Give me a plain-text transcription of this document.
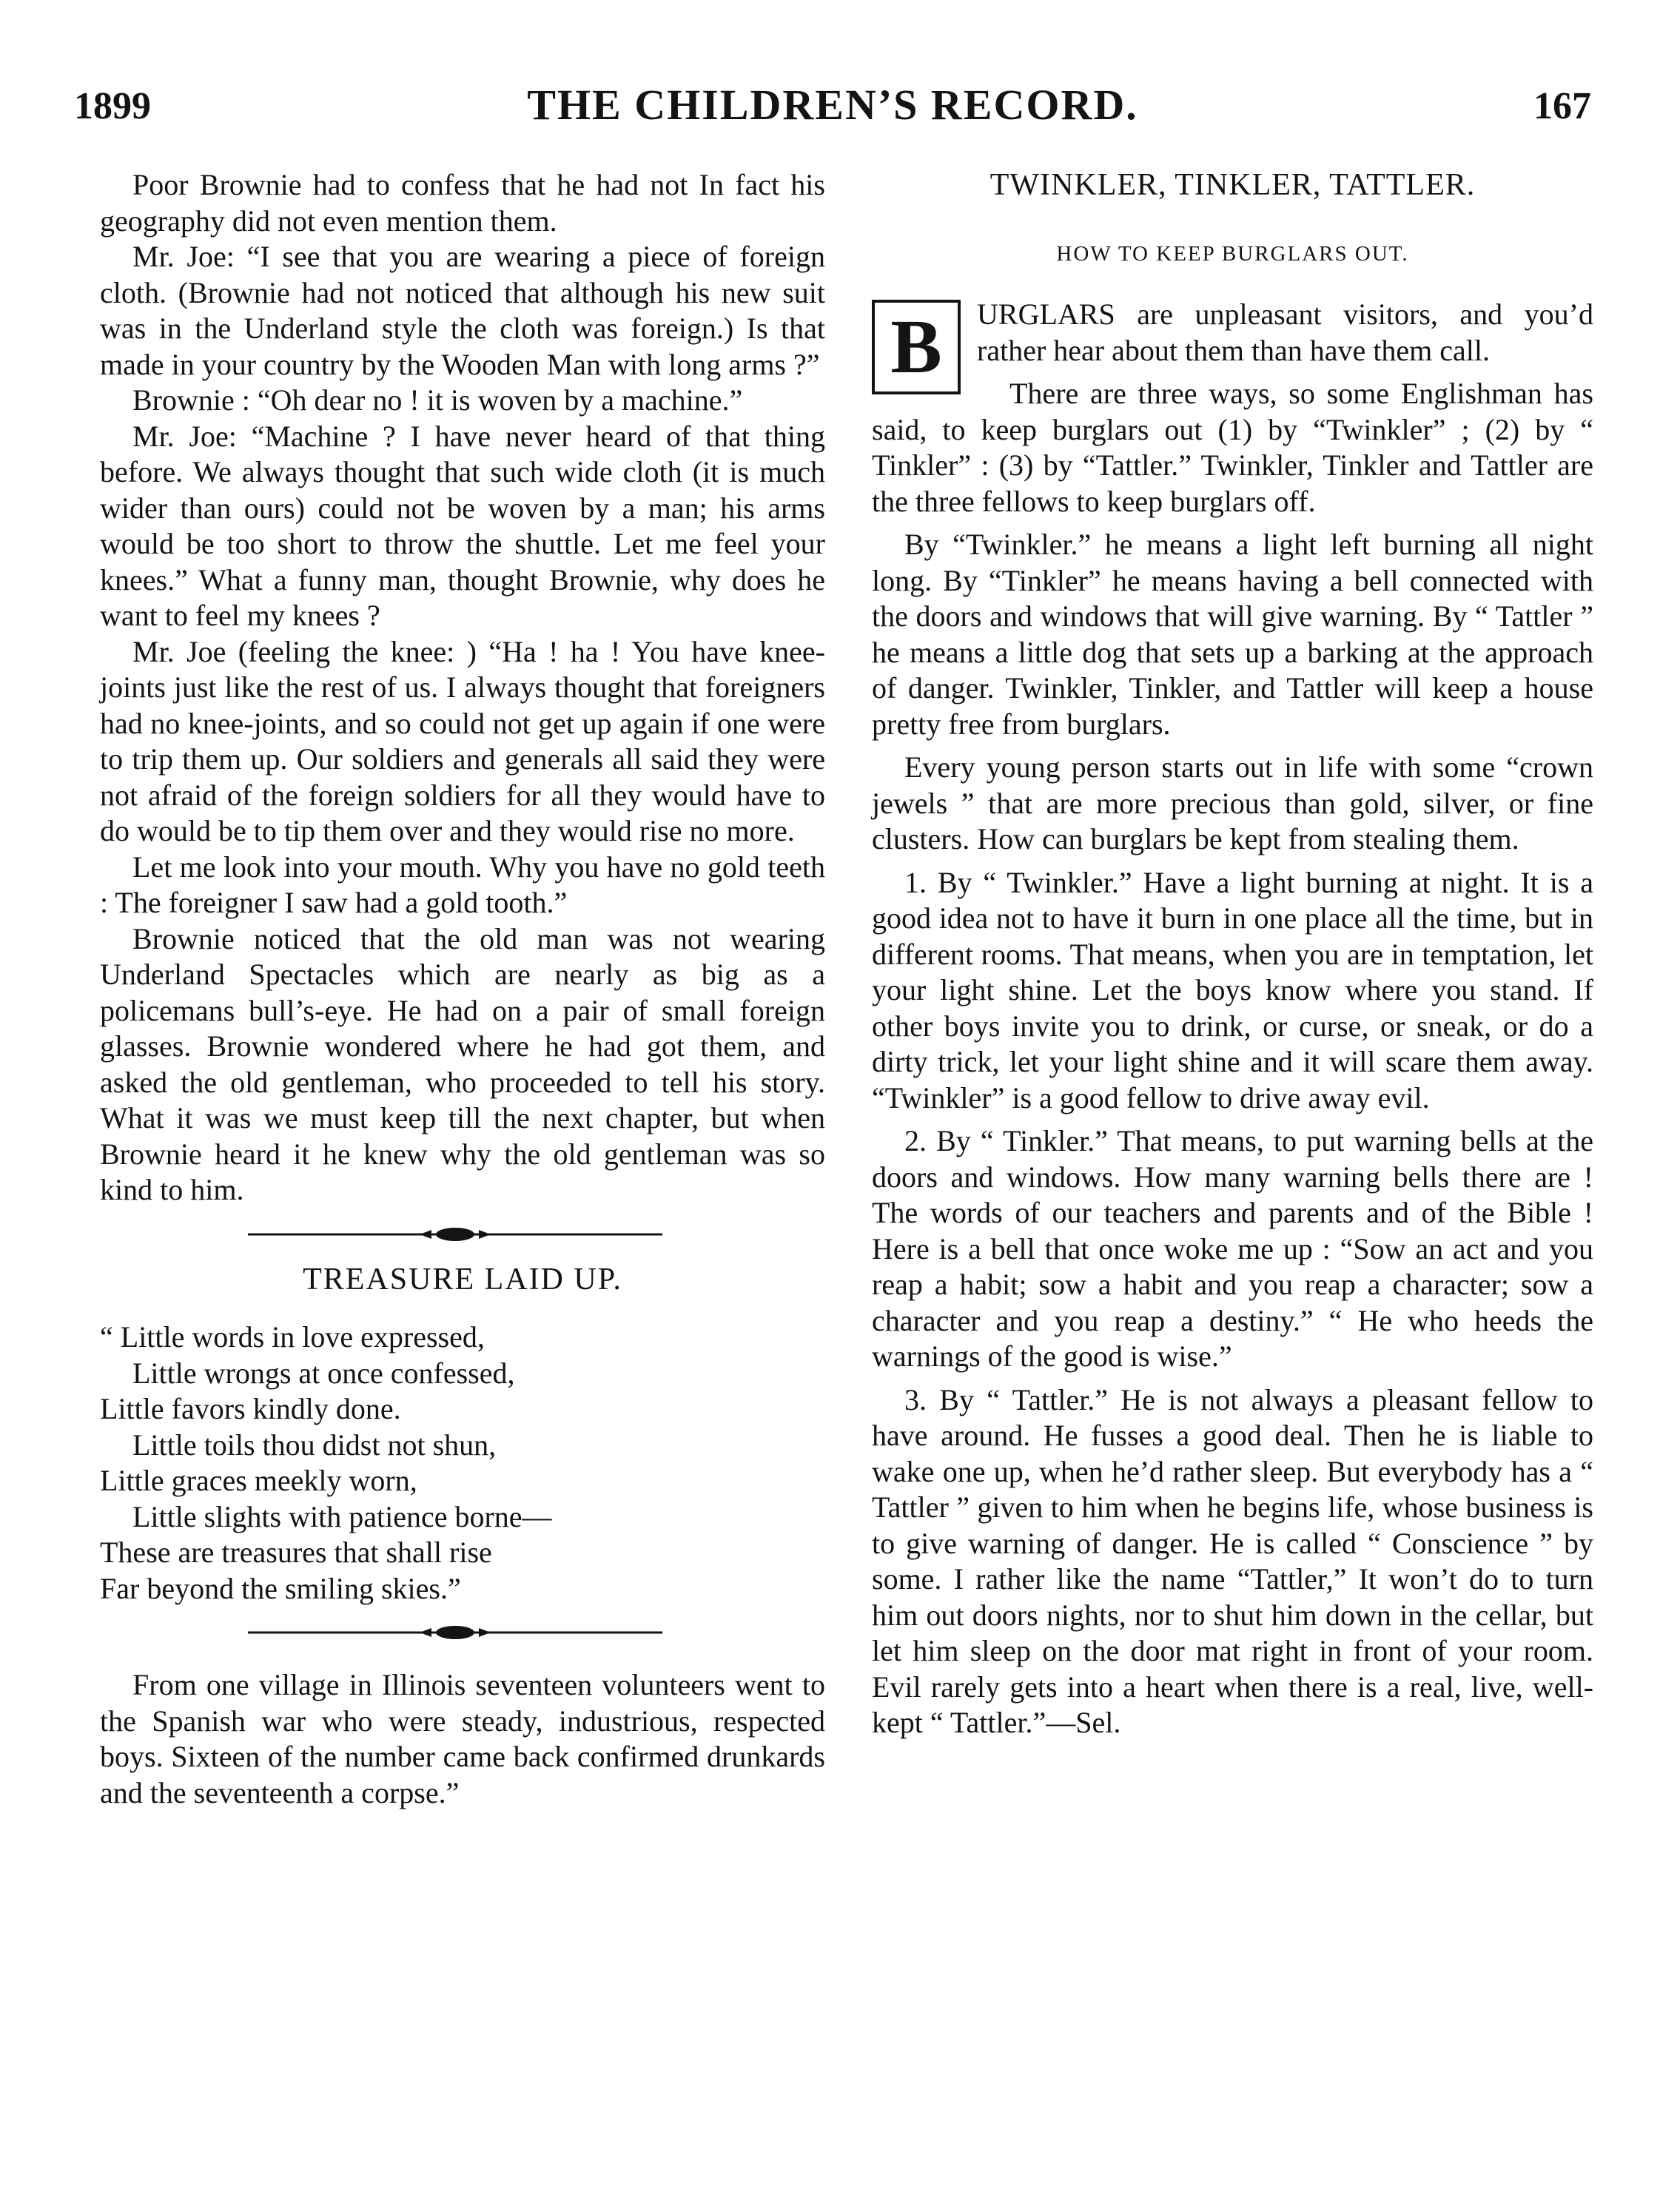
1899	THE CHILDREN’S RECORD.	167

Poor Brownie had to confess that he had not In fact his geography did not even mention them.

Mr. Joe: “I see that you are wearing a piece of foreign cloth. (Brownie had not noticed that although his new suit was in the Underland style the cloth was foreign.) Is that made in your country by the Wooden Man with long arms ?”

Brownie : “Oh dear no ! it is woven by a machine.”

Mr. Joe: “Machine ? I have never heard of that thing before. We always thought that such wide cloth (it is much wider than ours) could not be woven by a man; his arms would be too short to throw the shuttle. Let me feel your knees.” What a funny man, thought Brownie, why does he want to feel my knees ?

Mr. Joe (feeling the knee: ) “Ha ! ha ! You have knee-joints just like the rest of us. I always thought that foreigners had no knee-joints, and so could not get up again if one were to trip them up. Our soldiers and generals all said they were not afraid of the foreign soldiers for all they would have to do would be to tip them over and they would rise no more.

Let me look into your mouth. Why you have no gold teeth : The foreigner I saw had a gold tooth.”

Brownie noticed that the old man was not wearing Underland Spectacles which are nearly as big as a policemans bull’s-eye. He had on a pair of small foreign glasses. Brownie wondered where he had got them, and asked the old gentleman, who proceeded to tell his story. What it was we must keep till the next chapter, but when Brownie heard it he knew why the old gentleman was so kind to him.

TREASURE LAID UP.
“ Little words in love expressed,
Little wrongs at once confessed,
Little favors kindly done.
Little toils thou didst not shun,
Little graces meekly worn,
Little slights with patience borne—
These are treasures that shall rise
Far beyond the smiling skies.”

From one village in Illinois seventeen volunteers went to the Spanish war who were steady, industrious, respected boys. Sixteen of the number came back confirmed drunkards and the seventeenth a corpse.”

TWINKLER, TINKLER, TATTLER.
HOW TO KEEP BURGLARS OUT.
B	URGLARS are unpleasant visitors, and you’d rather hear about them than have them call.

There are three ways, so some Englishman has said, to keep burglars out (1) by “Twinkler” ; (2) by “ Tinkler” : (3) by “Tattler.” Twinkler, Tinkler and Tattler are the three fellows to keep burglars off.

By “Twinkler.” he means a light left burning all night long. By “Tinkler” he means having a bell connected with the doors and windows that will give warning. By “ Tattler ” he means a little dog that sets up a barking at the approach of danger. Twinkler, Tinkler, and Tattler will keep a house pretty free from burglars.

Every young person starts out in life with some “crown jewels ” that are more precious than gold, silver, or fine clusters. How can burglars be kept from stealing them.

1. By “ Twinkler.” Have a light burning at night. It is a good idea not to have it burn in one place all the time, but in different rooms. That means, when you are in temptation, let your light shine. Let the boys know where you stand. If other boys invite you to drink, or curse, or sneak, or do a dirty trick, let your light shine and it will scare them away. “Twinkler” is a good fellow to drive away evil.

2. By “ Tinkler.” That means, to put warning bells at the doors and windows. How many warning bells there are ! The words of our teachers and parents and of the Bible ! Here is a bell that once woke me up : “Sow an act and you reap a habit; sow a habit and you reap a character; sow a character and you reap a destiny.” “ He who heeds the warnings of the good is wise.”

3. By “ Tattler.” He is not always a pleasant fellow to have around. He fusses a good deal. Then he is liable to wake one up, when he’d rather sleep. But everybody has a “ Tattler ” given to him when he begins life, whose business is to give warning of danger. He is called “ Conscience ” by some. I rather like the name “Tattler,” It won’t do to turn him out doors nights, nor to shut him down in the cellar, but let him sleep on the door mat right in front of your room. Evil rarely gets into a heart when there is a real, live, well-kept “ Tattler.”—Sel.
